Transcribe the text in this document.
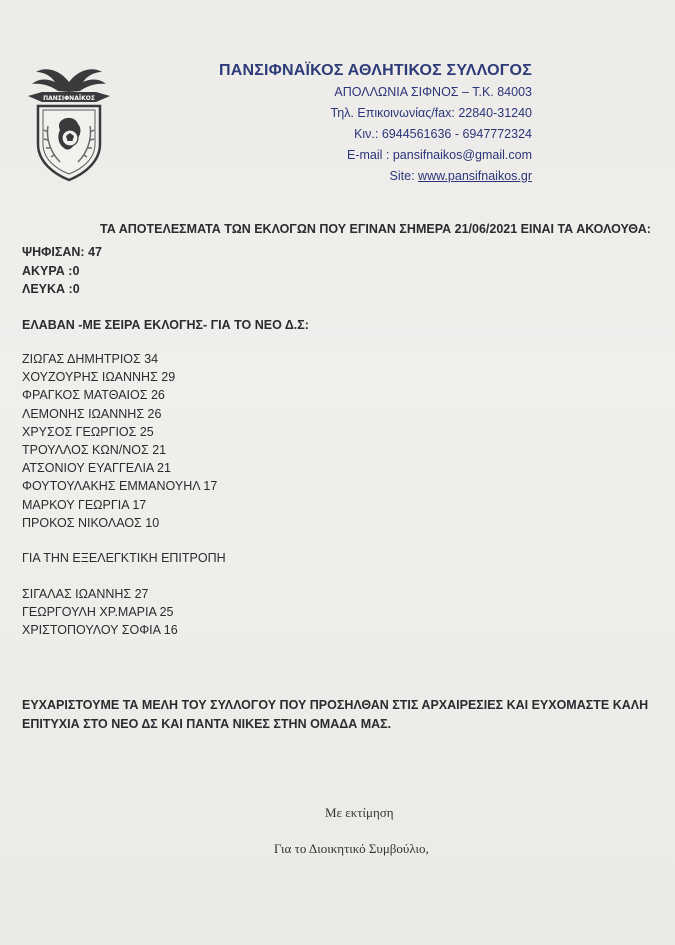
ΠΑΝΣΙΦΝΑΪΚΟΣ
ΠΑΝΣΙΦΝΑΪΚΟΣ ΑΘΛΗΤΙΚΟΣ ΣΥΛΛΟΓΟΣ
ΑΠΟΛΛΩΝΙΑ ΣΙΦΝΟΣ – Τ.Κ. 84003
Τηλ. Επικοινωνίας/fax: 22840-31240
Κιν.: 6944561636 - 6947772324
E-mail : pansifnaikos@gmail.com
Site: www.pansifnaikos.gr
ΤΑ ΑΠΟΤΕΛΕΣΜΑΤΑ ΤΩΝ ΕΚΛΟΓΩΝ ΠΟΥ ΕΓΙΝΑΝ ΣΗΜΕΡΑ 21/06/2021 ΕΙΝΑΙ ΤΑ ΑΚΟΛΟΥΘΑ:
ΨΗΦΙΣΑΝ: 47
ΑΚΥΡΑ :0
ΛΕΥΚΑ :0
ΕΛΑΒΑΝ -ΜΕ ΣΕΙΡΑ ΕΚΛΟΓΗΣ- ΓΙΑ ΤΟ ΝΕΟ Δ.Σ:
ΖΙΩΓΑΣ ΔΗΜΗΤΡΙΟΣ 34
ΧΟΥΖΟΥΡΗΣ ΙΩΑΝΝΗΣ 29
ΦΡΑΓΚΟΣ ΜΑΤΘΑΙΟΣ 26
ΛΕΜΟΝΗΣ ΙΩΑΝΝΗΣ 26
ΧΡΥΣΟΣ ΓΕΩΡΓΙΟΣ 25
ΤΡΟΥΛΛΟΣ ΚΩΝ/ΝΟΣ 21
ΑΤΣΟΝΙΟΥ ΕΥΑΓΓΕΛΙΑ 21
ΦΟΥΤΟΥΛΑΚΗΣ ΕΜΜΑΝΟΥΗΛ 17
ΜΑΡΚΟΥ ΓΕΩΡΓΙΑ 17
ΠΡΟΚΟΣ ΝΙΚΟΛΑΟΣ 10
ΓΙΑ ΤΗΝ ΕΞΕΛΕΓΚΤΙΚΗ ΕΠΙΤΡΟΠΗ
ΣΙΓΑΛΑΣ ΙΩΑΝΝΗΣ 27
ΓΕΩΡΓΟΥΛΗ ΧΡ.ΜΑΡΙΑ 25
ΧΡΙΣΤΟΠΟΥΛΟΥ ΣΟΦΙΑ 16
ΕΥΧΑΡΙΣΤΟΥΜΕ ΤΑ ΜΕΛΗ ΤΟΥ ΣΥΛΛΟΓΟΥ ΠΟΥ ΠΡΟΣΗΛΘΑΝ ΣΤΙΣ ΑΡΧΑΙΡΕΣΙΕΣ ΚΑΙ ΕΥΧΟΜΑΣΤΕ ΚΑΛΗ ΕΠΙΤΥΧΙΑ ΣΤΟ ΝΕΟ ΔΣ ΚΑΙ ΠΑΝΤΑ ΝΙΚΕΣ ΣΤΗΝ ΟΜΑΔΑ ΜΑΣ.
Με εκτίμηση
Για το Διοικητικό Συμβούλιο,
